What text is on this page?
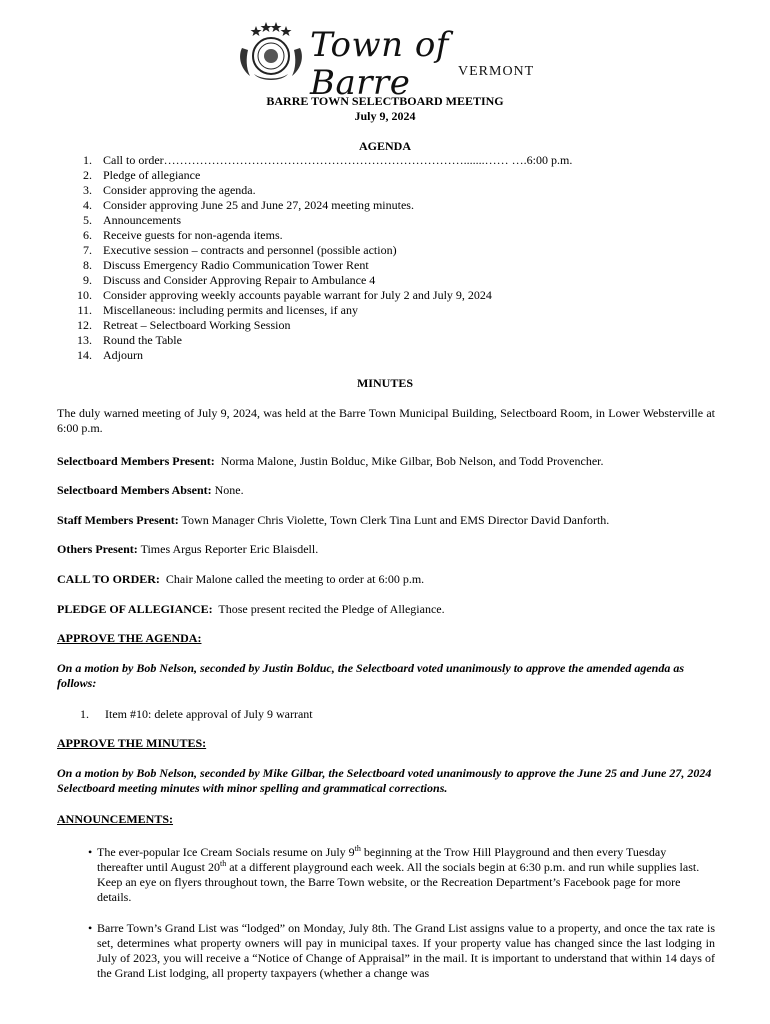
Town of Barre	VERMONT
BARRE TOWN SELECTBOARD MEETING
July 9, 2024
AGENDA
1. Call to order………………………………………………………………….......…… ….6:00 p.m.
2. Pledge of allegiance
3. Consider approving the agenda.
4. Consider approving June 25 and June 27, 2024 meeting minutes.
5. Announcements
6. Receive guests for non-agenda items.
7. Executive session – contracts and personnel (possible action)
8. Discuss Emergency Radio Communication Tower Rent
9. Discuss and Consider Approving Repair to Ambulance 4
10. Consider approving weekly accounts payable warrant for July 2 and July 9, 2024
11. Miscellaneous: including permits and licenses, if any
12. Retreat – Selectboard Working Session
13. Round the Table
14. Adjourn
MINUTES
The duly warned meeting of July 9, 2024, was held at the Barre Town Municipal Building, Selectboard Room, in Lower Websterville at 6:00 p.m.
Selectboard Members Present: Norma Malone, Justin Bolduc, Mike Gilbar, Bob Nelson, and Todd Provencher.
Selectboard Members Absent: None.
Staff Members Present: Town Manager Chris Violette, Town Clerk Tina Lunt and EMS Director David Danforth.
Others Present: Times Argus Reporter Eric Blaisdell.
CALL TO ORDER: Chair Malone called the meeting to order at 6:00 p.m.
PLEDGE OF ALLEGIANCE: Those present recited the Pledge of Allegiance.
APPROVE THE AGENDA:
On a motion by Bob Nelson, seconded by Justin Bolduc, the Selectboard voted unanimously to approve the amended agenda as follows:
1. Item #10: delete approval of July 9 warrant
APPROVE THE MINUTES:
On a motion by Bob Nelson, seconded by Mike Gilbar, the Selectboard voted unanimously to approve the June 25 and June 27, 2024 Selectboard meeting minutes with minor spelling and grammatical corrections.
ANNOUNCEMENTS:
• The ever-popular Ice Cream Socials resume on July 9th beginning at the Trow Hill Playground and then every Tuesday thereafter until August 20th at a different playground each week. All the socials begin at 6:30 p.m. and run while supplies last. Keep an eye on flyers throughout town, the Barre Town website, or the Recreation Department’s Facebook page for more details.
• Barre Town’s Grand List was “lodged” on Monday, July 8th. The Grand List assigns value to a property, and once the tax rate is set, determines what property owners will pay in municipal taxes. If your property value has changed since the last lodging in July of 2023, you will receive a “Notice of Change of Appraisal” in the mail. It is important to understand that within 14 days of the Grand List lodging, all property taxpayers (whether a change was
